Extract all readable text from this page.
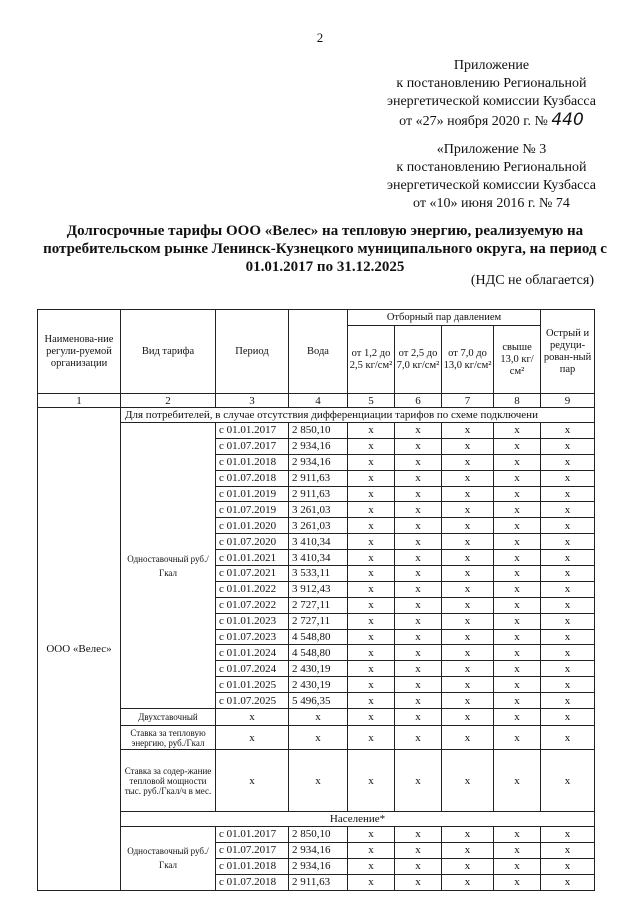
2
Приложение
к постановлению Региональной
энергетической комиссии Кузбасса
от «27» ноября 2020 г. № 440
«Приложение № 3
к постановлению Региональной
энергетической комиссии Кузбасса
от «10» июня 2016 г. № 74
Долгосрочные тарифы ООО «Велес» на тепловую энергию, реализуемую на потребительском рынке Ленинск-Кузнецкого муниципального округа, на период с 01.01.2017 по 31.12.2025
(НДС не облагается)
Наименова-ние регули-руемой организации	Вид тарифа	Период	Вода	Отборный пар давлением				Острый и редуци-рован-ный пар
				от 1,2 до 2,5 кг/см²	от 2,5 до 7,0 кг/см²	от 7,0 до 13,0 кг/см²	свыше 13,0 кг/см²	
1	2	3	4	5	6	7	8	9
ООО «Велес»	Для потребителей, в случае отсутствия дифференциации тарифов по схеме подключени							
	Одноставочный руб./Гкал	с 01.01.2017	2 850,10	x	x	x	x	x
		с 01.07.2017	2 934,16	x	x	x	x	x
		с 01.01.2018	2 934,16	x	x	x	x	x
		с 01.07.2018	2 911,63	x	x	x	x	x
		с 01.01.2019	2 911,63	x	x	x	x	x
		с 01.07.2019	3 261,03	x	x	x	x	x
		с 01.01.2020	3 261,03	x	x	x	x	x
		с 01.07.2020	3 410,34	x	x	x	x	x
		с 01.01.2021	3 410,34	x	x	x	x	x
		с 01.07.2021	3 533,11	x	x	x	x	x
		с 01.01.2022	3 912,43	x	x	x	x	x
		с 01.07.2022	2 727,11	x	x	x	x	x
		с 01.01.2023	2 727,11	x	x	x	x	x
		с 01.07.2023	4 548,80	x	x	x	x	x
		с 01.01.2024	4 548,80	x	x	x	x	x
		с 01.07.2024	2 430,19	x	x	x	x	x
		с 01.01.2025	2 430,19	x	x	x	x	x
		с 01.07.2025	5 496,35	x	x	x	x	x
	Двухставочный	x	x	x	x	x	x	x
	Ставка за тепловую энергию, руб./Гкал	x	x	x	x	x	x	x
	Ставка за содер-жание тепловой мощности тыс. руб./Гкал/ч в мес.	x	x	x	x	x	x	x
	Население*							
	Одноставочный руб./Гкал	с 01.01.2017	2 850,10	x	x	x	x	x
		с 01.07.2017	2 934,16	x	x	x	x	x
		с 01.01.2018	2 934,16	x	x	x	x	x
		с 01.07.2018	2 911,63	x	x	x	x	x
